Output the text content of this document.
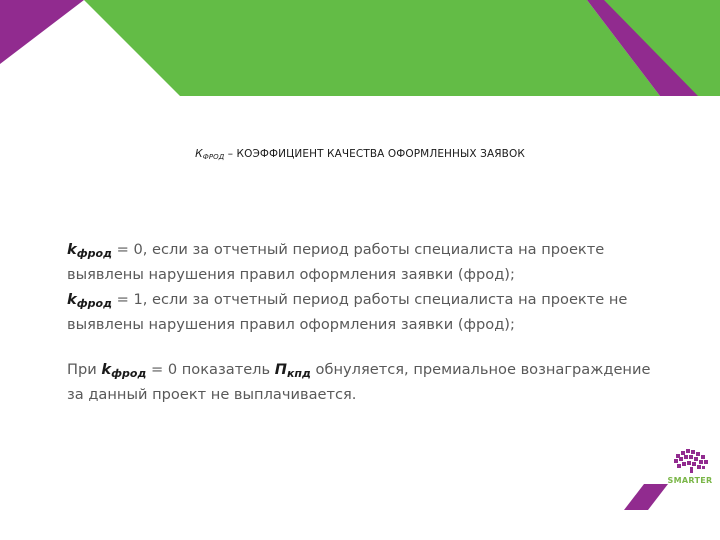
$К_{ФРОД}$ – КОЭФФИЦИЕНТ КАЧЕСТВА ОФОРМЛЕННЫХ ЗАЯВОК

$k_{фрод} = 0$, если за отчетный период работы специалиста на проекте выявлены нарушения правил оформления заявки (фрод);

$k_{фрод} = 1$, если за отчетный период работы специалиста на проекте не выявлены нарушения правил оформления заявки (фрод);

При $k_{фрод} = 0$ показатель $П_{кпд}$ обнуляется, премиальное вознаграждение за данный проект не выплачивается.

SMARTER
